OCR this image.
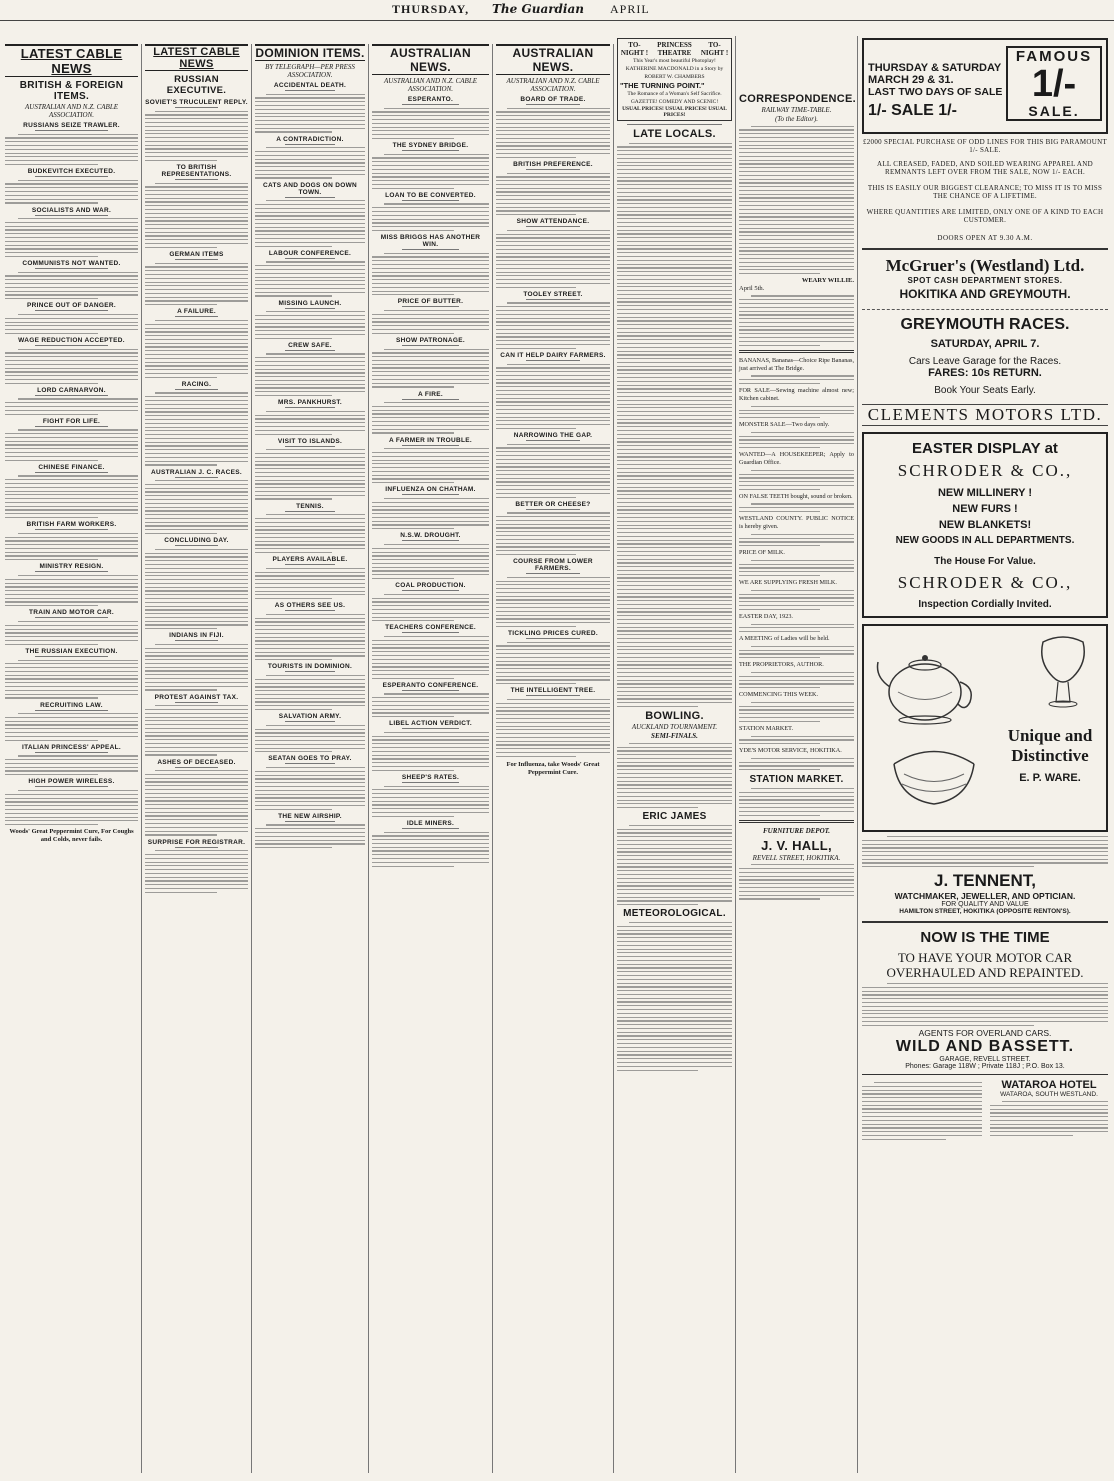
THURSDAY, The Guardian APRIL
LATEST CABLE NEWS
BRITISH & FOREIGN ITEMS.
AUSTRALIAN AND N.Z. CABLE ASSOCIATION.
RUSSIANS SEIZE TRAWLER.
BUDKEVITCH EXECUTED.
SOCIALISTS AND WAR.
COMMUNISTS NOT WANTED.
PRINCE OUT OF DANGER.
WAGE REDUCTION ACCEPTED.
LORD CARNARVON.
FIGHT FOR LIFE.
CHINESE FINANCE.
BRITISH FARM WORKERS.
MINISTRY RESIGN.
TRAIN AND MOTOR CAR.
THE RUSSIAN EXECUTION.
RECRUITING LAW.
ITALIAN PRINCESS' APPEAL.
HIGH POWER WIRELESS.
Woods' Great Peppermint Cure, For Coughs and Colds, never fails.
LATEST CABLE NEWS
RUSSIAN EXECUTIVE.
SOVIET'S TRUCULENT REPLY.
TO BRITISH REPRESENTATIONS.
GERMAN ITEMS
A FAILURE.
RACING.
AUSTRALIAN J. C. RACES.
CONCLUDING DAY.
INDIANS IN FIJI.
PROTEST AGAINST TAX.
ASHES OF DECEASED.
SURPRISE FOR REGISTRAR.
DOMINION ITEMS.
BY TELEGRAPH—PER PRESS ASSOCIATION.
ACCIDENTAL DEATH.
A CONTRADICTION.
CATS AND DOGS ON DOWN TOWN.
LABOUR CONFERENCE.
MISSING LAUNCH.
CREW SAFE.
MRS. PANKHURST.
VISIT TO ISLANDS.
TENNIS.
PLAYERS AVAILABLE.
AS OTHERS SEE US.
TOURISTS IN DOMINION.
SALVATION ARMY.
SEATAN GOES TO PRAY.
THE NEW AIRSHIP.
AUSTRALIAN NEWS.
AUSTRALIAN AND N.Z. CABLE ASSOCIATION.
ESPERANTO.
THE SYDNEY BRIDGE.
LOAN TO BE CONVERTED.
MISS BRIGGS HAS ANOTHER WIN.
PRICE OF BUTTER.
SHOW PATRONAGE.
A FIRE.
A FARMER IN TROUBLE.
INFLUENZA ON CHATHAM.
N.S.W. DROUGHT.
COAL PRODUCTION.
TEACHERS CONFERENCE.
ESPERANTO CONFERENCE.
LIBEL ACTION VERDICT.
SHEEP'S RATES.
IDLE MINERS.
AUSTRALIAN NEWS.
AUSTRALIAN AND N.Z. CABLE ASSOCIATION.
BOARD OF TRADE.
BRITISH PREFERENCE.
SHOW ATTENDANCE.
TOOLEY STREET.
CAN IT HELP DAIRY FARMERS.
NARROWING THE GAP.
BETTER OR CHEESE?
COURSE FROM LOWER FARMERS.
TICKLING PRICES CURED.
THE INTELLIGENT TREE.
For Influenza, take Woods' Great Peppermint Cure.
TO-NIGHT !
PRINCESS THEATRE
TO-NIGHT !
This Year's most beautiful Photoplay! KATHERINE MACDONALD in a Story by ROBERT W. CHAMBERS
"THE TURNING POINT."
The Romance of a Woman's Self Sacrifice. GAZETTE! COMEDY AND SCENIC!
USUAL PRICES! USUAL PRICES! USUAL PRICES!
LATE LOCALS.
BOWLING.
AUCKLAND TOURNAMENT.
SEMI-FINALS.
ERIC JAMES
METEOROLOGICAL.
CORRESPONDENCE.
RAILWAY TIME-TABLE.
(To the Editor).
WEARY WILLIE.
April 5th.
BANANAS, Bananas—Choice Ripe Bananas, just arrived at The Bridge.
FOR SALE—Sewing machine almost new; Kitchen cabinet.
MONSTER SALE—Two days only.
WANTED—A HOUSEKEEPER; Apply to Guardian Office.
ON FALSE TEETH bought, sound or broken.
WESTLAND COUNTY. PUBLIC NOTICE is hereby given.
PRICE OF MILK.
WE ARE SUPPLYING FRESH MILK.
EASTER DAY, 1923.
A MEETING of Ladies will be held.
THE PROPRIETORS, AUTHOR.
COMMENCING THIS WEEK.
STATION MARKET.
YDE'S MOTOR SERVICE, HOKITIKA.
STATION MARKET.
FURNITURE DEPOT.
J. V. HALL,
REVELL STREET, HOKITIKA.
THURSDAY & SATURDAY
MARCH 29 & 31.
LAST TWO DAYS OF SALE
1/- SALE 1/-
FAMOUS
1/-
SALE.
£2000 SPECIAL PURCHASE OF ODD LINES FOR THIS BIG PARAMOUNT 1/- SALE.
ALL CREASED, FADED, AND SOILED WEARING APPAREL AND REMNANTS LEFT OVER FROM THE SALE, NOW 1/- EACH.
THIS IS EASILY OUR BIGGEST CLEARANCE; TO MISS IT IS TO MISS THE CHANCE OF A LIFETIME.
WHERE QUANTITIES ARE LIMITED, ONLY ONE OF A KIND TO EACH CUSTOMER.
DOORS OPEN AT 9.30 A.M.
McGruer's (Westland) Ltd.
SPOT CASH DEPARTMENT STORES.
HOKITIKA AND GREYMOUTH.
GREYMOUTH RACES.
SATURDAY, APRIL 7.
Cars Leave Garage for the Races.
FARES: 10s RETURN.
Book Your Seats Early.
CLEMENTS MOTORS LTD.
EASTER DISPLAY at
SCHRODER & CO.,
NEW MILLINERY !
NEW FURS !
NEW BLANKETS!
NEW GOODS IN ALL DEPARTMENTS.
The House For Value.
SCHRODER & CO.,
Inspection Cordially Invited.
Unique and Distinctive
E. P. WARE.
J. TENNENT,
WATCHMAKER, JEWELLER, AND OPTICIAN.
FOR QUALITY AND VALUE
HAMILTON STREET, HOKITIKA (OPPOSITE RENTON'S).
NOW IS THE TIME
TO HAVE YOUR MOTOR CAR OVERHAULED AND REPAINTED.
AGENTS FOR OVERLAND CARS.
WILD AND BASSETT.
GARAGE, REVELL STREET.
Phones: Garage 118W ; Private 118J ; P.O. Box 13.
WATAROA HOTEL
WATAROA, SOUTH WESTLAND.
